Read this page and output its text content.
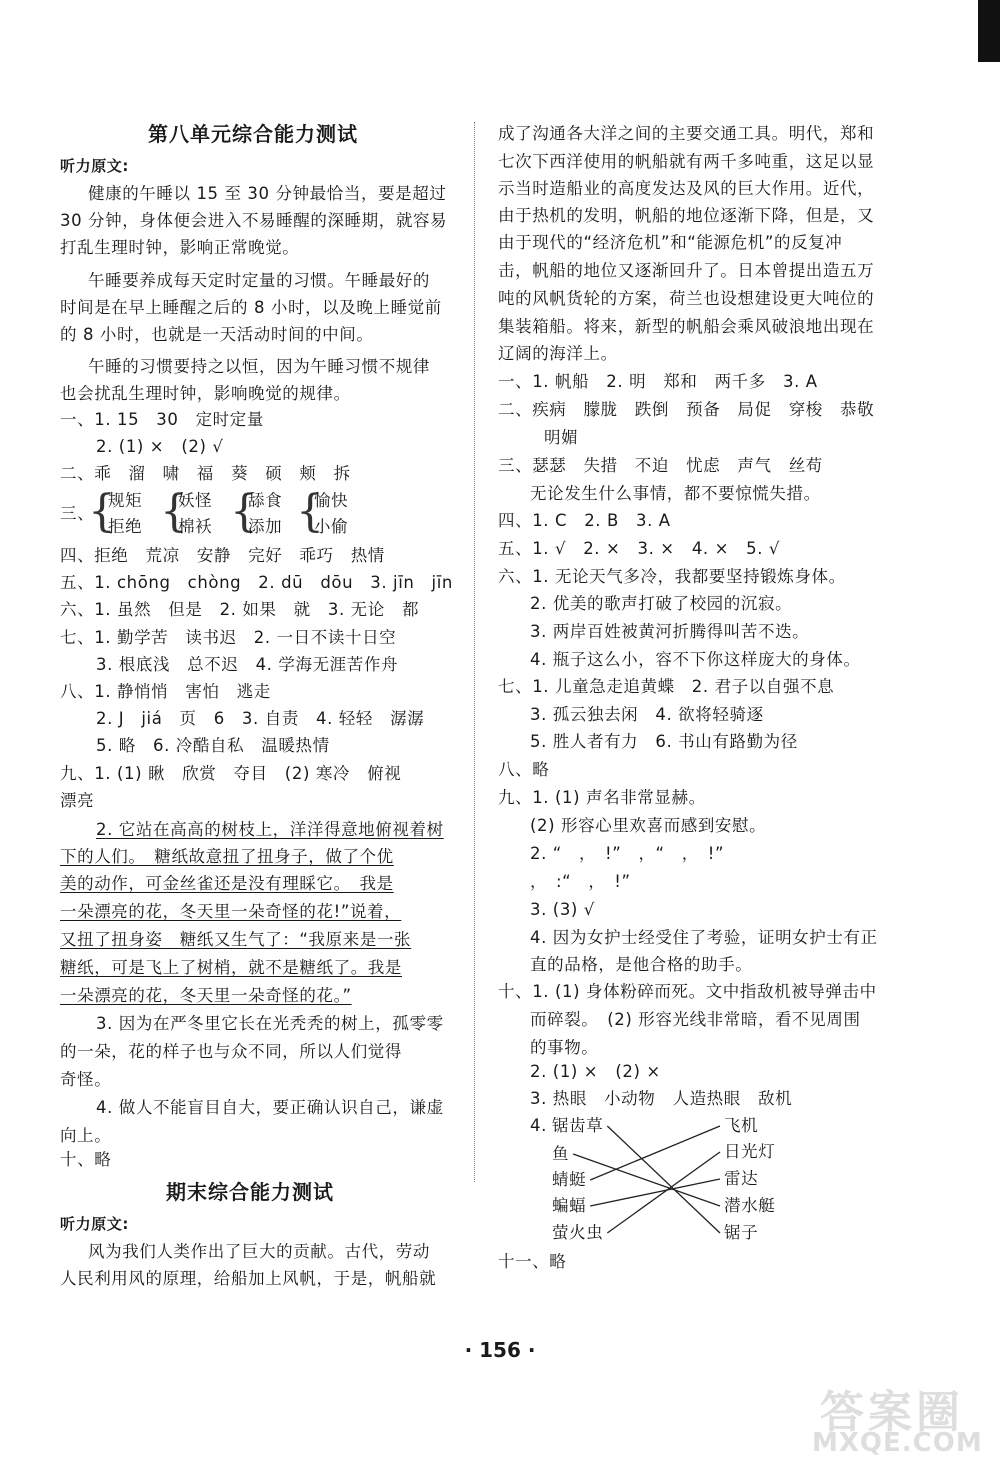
第八单元综合能力测试
听力原文:
健康的午睡以 15 至 30 分钟最恰当，要是超过
30 分钟，身体便会进入不易睡醒的深睡期，就容易
打乱生理时钟，影响正常晚觉。
午睡要养成每天定时定量的习惯。午睡最好的
时间是在早上睡醒之后的 8 小时，以及晚上睡觉前
的 8 小时，也就是一天活动时间的中间。
午睡的习惯要持之以恒，因为午睡习惯不规律
也会扰乱生理时钟，影响晚觉的规律。
一、1. 15　30　定时定量
2. (1) ×　(2) √
二、乖　溜　啸　福　葵　硕　颊　拆
三、
{
规矩
拒绝 {
妖怪
棉袄 {
舔食
添加 {
愉快
小偷
四、拒绝　荒凉　安静　完好　乖巧　热情
五、1. chōng　chòng　2. dū　dōu　3. jīn　jīn
六、1. 虽然　但是　2. 如果　就　3. 无论　都
七、1. 勤学苦　读书迟　2. 一日不读十日空
3. 根底浅　总不迟　4. 学海无涯苦作舟
八、1. 静悄悄　害怕　逃走
2. J　jiá　页　6　3. 自责　4. 轻轻　潺潺
5. 略　6. 冷酷自私　温暖热情
九、1. (1) 瞅　欣赏　夺目　(2) 寒冷　俯视
漂亮
2. 它站在高高的树枝上，洋洋得意地俯视着树
下的人们。　糖纸故意扭了扭身子，做了个优
美的动作，可金丝雀还是没有理睬它。　我是
一朵漂亮的花，冬天里一朵奇怪的花!”说着，
又扭了扭身姿　糖纸又生气了：“我原来是一张
糖纸，可是飞上了树梢，就不是糖纸了。我是
一朵漂亮的花，冬天里一朵奇怪的花。”
3. 因为在严冬里它长在光秃秃的树上，孤零零
的一朵，花的样子也与众不同，所以人们觉得
奇怪。
4. 做人不能盲目自大，要正确认识自己，谦虚
向上。
十、略
期末综合能力测试
听力原文:
风为我们人类作出了巨大的贡献。古代，劳动
人民利用风的原理，给船加上风帆，于是，帆船就
成了沟通各大洋之间的主要交通工具。明代，郑和
七次下西洋使用的帆船就有两千多吨重，这足以显
示当时造船业的高度发达及风的巨大作用。近代，
由于热机的发明，帆船的地位逐渐下降，但是，又
由于现代的“经济危机”和“能源危机”的反复冲
击，帆船的地位又逐渐回升了。日本曾提出造五万
吨的风帆货轮的方案，荷兰也设想建设更大吨位的
集装箱船。将来，新型的帆船会乘风破浪地出现在
辽阔的海洋上。
一、1. 帆船　2. 明　郑和　两千多　3. A
二、疾病　朦胧　跌倒　预备　局促　穿梭　恭敬
明媚
三、瑟瑟　失措　不迫　忧虑　声气　丝苟
无论发生什么事情，都不要惊慌失措。
四、1. C　2. B　3. A
五、1. √　2. ×　3. ×　4. ×　5. √
六、1. 无论天气多冷，我都要坚持锻炼身体。
2. 优美的歌声打破了校园的沉寂。
3. 两岸百姓被黄河折腾得叫苦不迭。
4. 瓶子这么小，容不下你这样庞大的身体。
七、1. 儿童急走追黄蝶　2. 君子以自强不息
3. 孤云独去闲　4. 欲将轻骑逐
5. 胜人者有力　6. 书山有路勤为径
八、略
九、1. (1) 声名非常显赫。
(2) 形容心里欢喜而感到安慰。
2. “　，　!”　，“　，　!”
，　:“　，　!”
3. (3) √
4. 因为女护士经受住了考验，证明女护士有正
直的品格，是他合格的助手。
十、1. (1) 身体粉碎而死。文中指敌机被导弹击中
而碎裂。　(2) 形容光线非常暗，看不见周围
的事物。
2. (1) ×　(2) ×
3. 热眼　小动物　人造热眼　敌机
4. 锯齿草
鱼
蜻蜓
蝙蝠
萤火虫
飞机
日光灯
雷达
潜水艇
锯子
十一、略
· 156 ·
答案圈
MXQE.COM
